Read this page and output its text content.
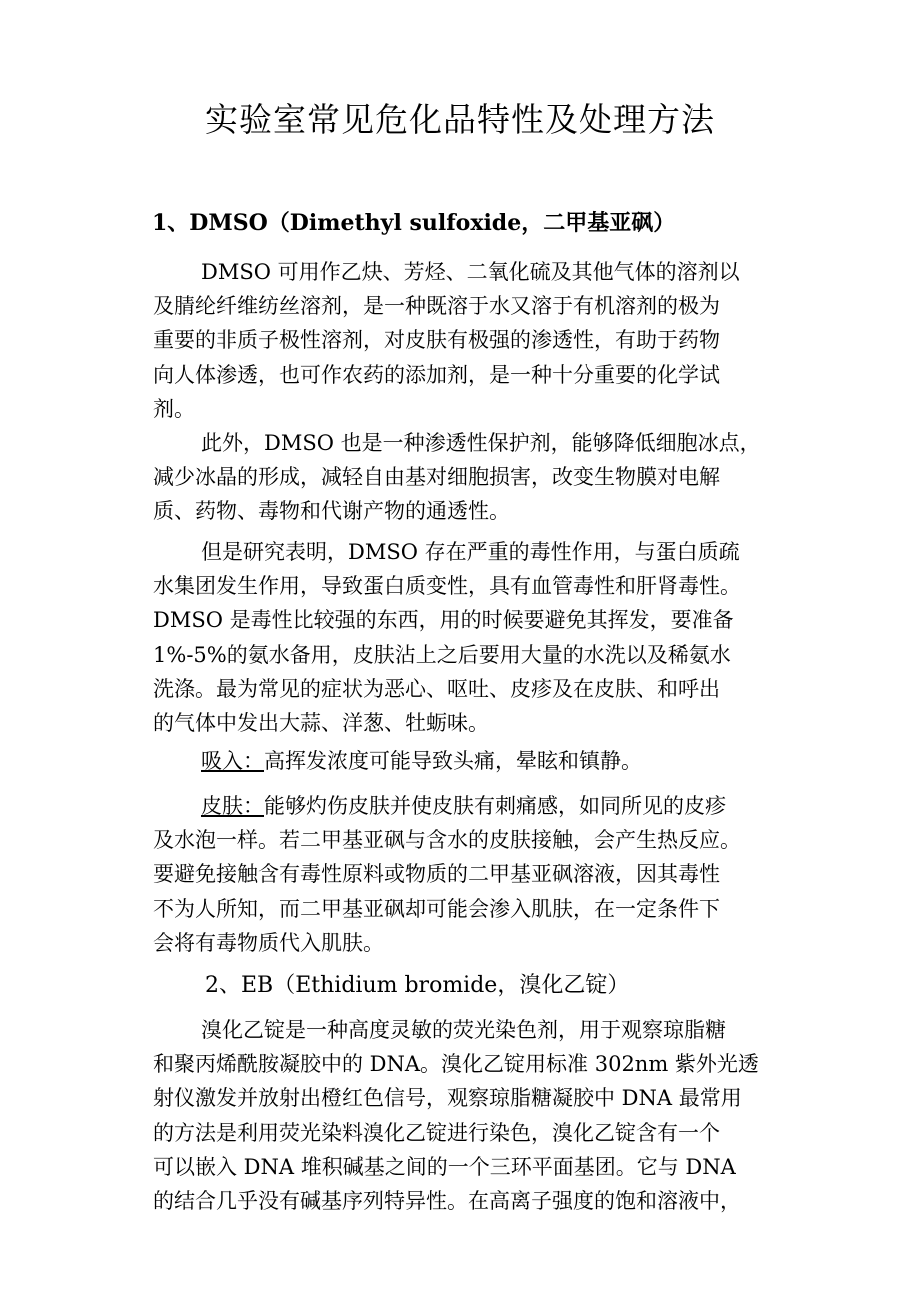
实验室常见危化品特性及处理方法
1、DMSO（Dimethyl sulfoxide，二甲基亚砜）
DMSO 可用作乙炔、芳烃、二氧化硫及其他气体的溶剂以
及腈纶纤维纺丝溶剂，是一种既溶于水又溶于有机溶剂的极为
重要的非质子极性溶剂，对皮肤有极强的渗透性，有助于药物
向人体渗透，也可作农药的添加剂，是一种十分重要的化学试
剂。
此外，DMSO 也是一种渗透性保护剂，能够降低细胞冰点，
减少冰晶的形成，减轻自由基对细胞损害，改变生物膜对电解
质、药物、毒物和代谢产物的通透性。
但是研究表明，DMSO 存在严重的毒性作用，与蛋白质疏
水集团发生作用，导致蛋白质变性，具有血管毒性和肝肾毒性。
DMSO 是毒性比较强的东西，用的时候要避免其挥发，要准备
1%-5%的氨水备用，皮肤沾上之后要用大量的水洗以及稀氨水
洗涤。最为常见的症状为恶心、呕吐、皮疹及在皮肤、和呼出
的气体中发出大蒜、洋葱、牡蛎味。
吸入：高挥发浓度可能导致头痛，晕眩和镇静。
皮肤：能够灼伤皮肤并使皮肤有刺痛感，如同所见的皮疹
及水泡一样。若二甲基亚砜与含水的皮肤接触，会产生热反应。
要避免接触含有毒性原料或物质的二甲基亚砜溶液，因其毒性
不为人所知，而二甲基亚砜却可能会渗入肌肤，在一定条件下
会将有毒物质代入肌肤。
2、EB（Ethidium bromide，溴化乙锭）
溴化乙锭是一种高度灵敏的荧光染色剂，用于观察琼脂糖
和聚丙烯酰胺凝胶中的 DNA。溴化乙锭用标准 302nm 紫外光透
射仪激发并放射出橙红色信号，观察琼脂糖凝胶中 DNA 最常用
的方法是利用荧光染料溴化乙锭进行染色，溴化乙锭含有一个
可以嵌入 DNA 堆积碱基之间的一个三环平面基团。它与 DNA
的结合几乎没有碱基序列特异性。在高离子强度的饱和溶液中，
